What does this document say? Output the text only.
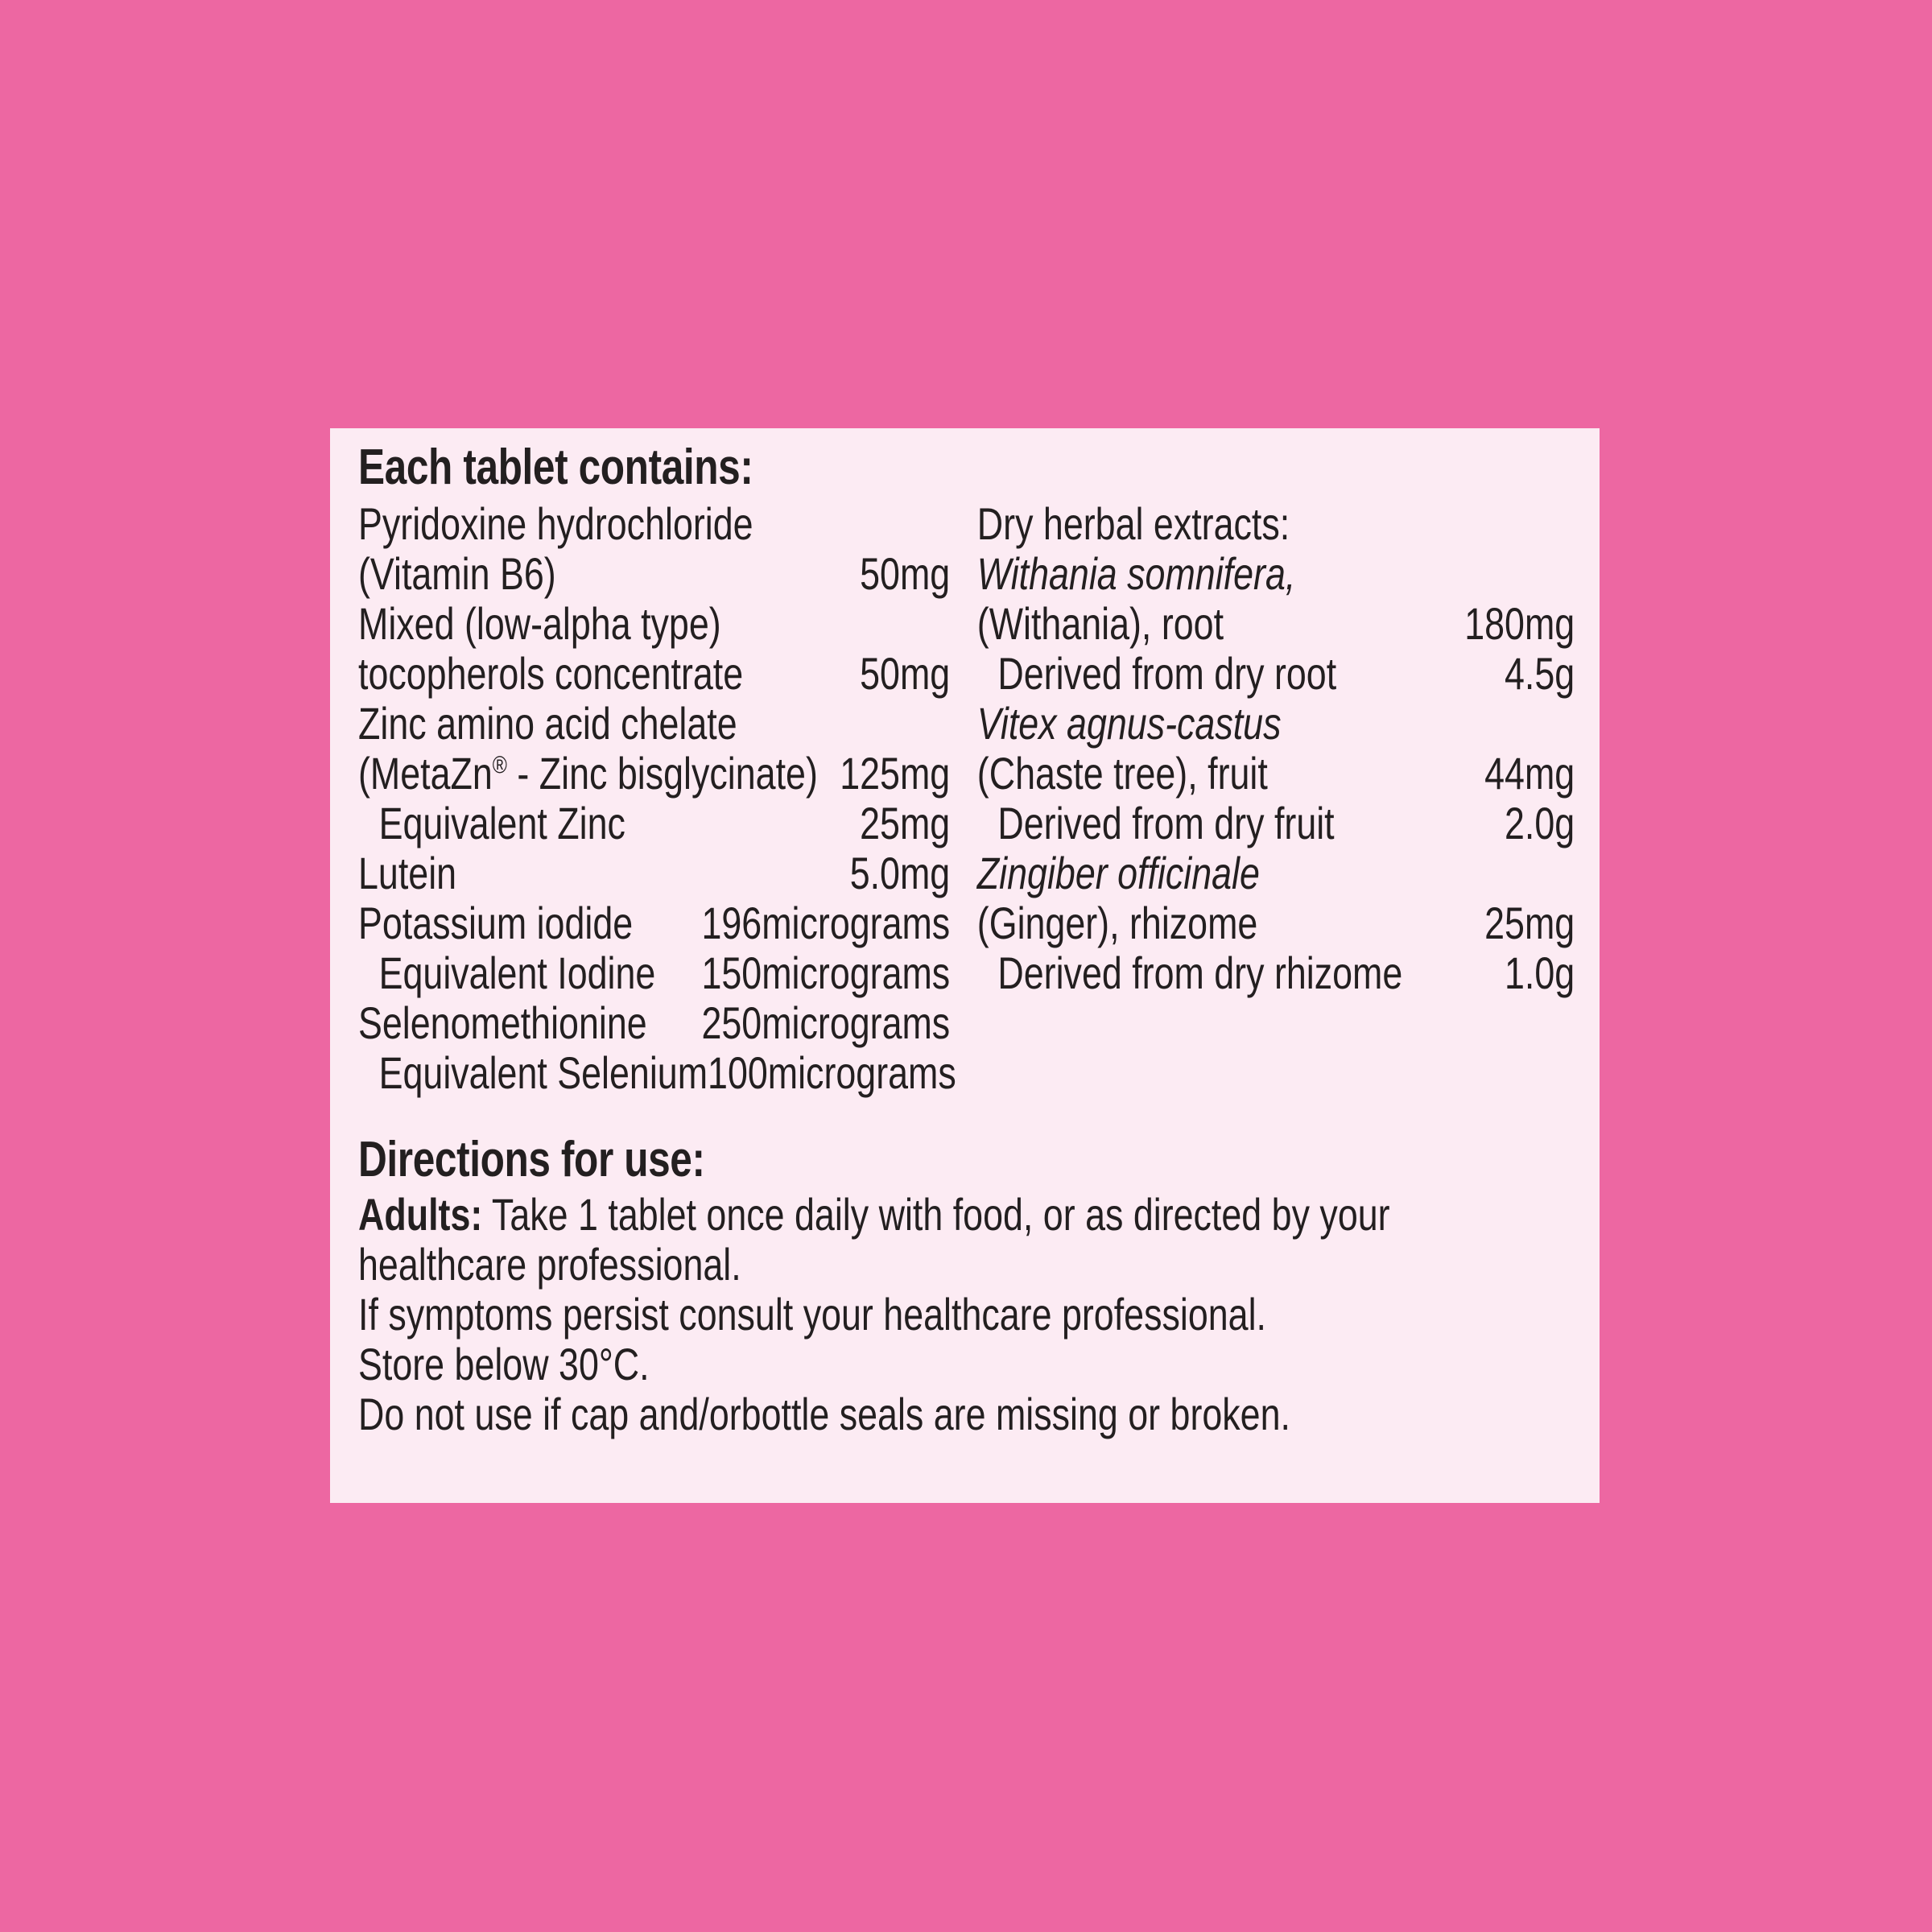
Each tablet contains:
Pyridoxine hydrochloride
(Vitamin B6)	50mg
Mixed (low-alpha type)
tocopherols concentrate	50mg
Zinc amino acid chelate
(MetaZn® - Zinc bisglycinate) 125mg
Equivalent Zinc	25mg
Lutein	5.0mg
Potassium iodide 196micrograms
Equivalent Iodine 150micrograms
Selenomethionine 250micrograms
Equivalent Selenium 100micrograms
Dry herbal extracts:
Withania somnifera,
(Withania), root	180mg
Derived from dry root	4.5g
Vitex agnus-castus
(Chaste tree), fruit	44mg
Derived from dry fruit	2.0g
Zingiber officinale
(Ginger), rhizome	25mg
Derived from dry rhizome 1.0g
Directions for use:
Adults: Take 1 tablet once daily with food, or as directed by your
healthcare professional.
If symptoms persist consult your healthcare professional.
Store below 30°C.
Do not use if cap and/orbottle seals are missing or broken.
